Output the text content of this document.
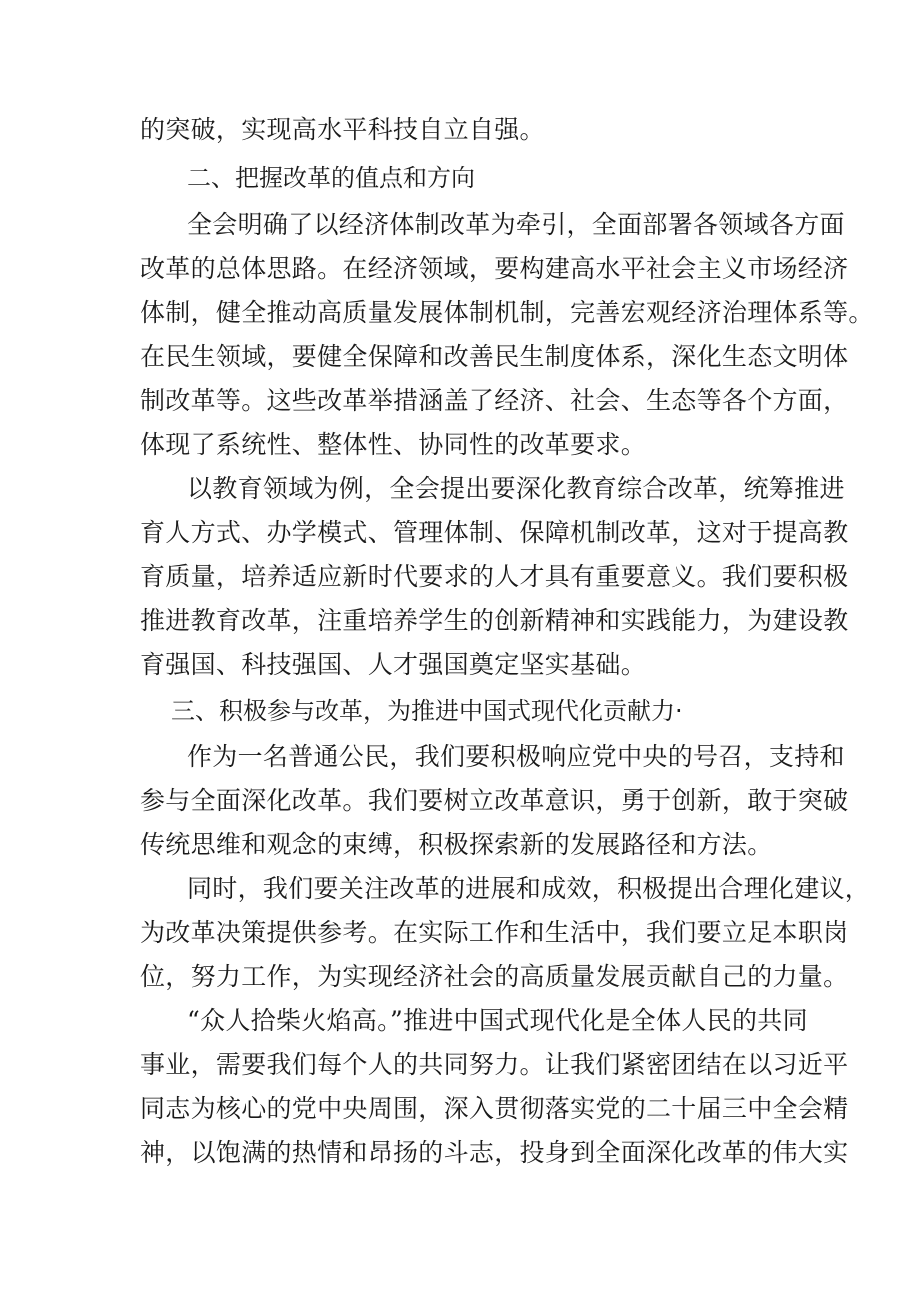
的突破，实现高水平科技自立自强。
二、把握改革的值点和方向
全会明确了以经济体制改革为牵引，全面部署各领域各方面
改革的总体思路。在经济领域，要构建高水平社会主义市场经济
体制，健全推动高质量发展体制机制，完善宏观经济治理体系等。
在民生领域，要健全保障和改善民生制度体系，深化生态文明体
制改革等。这些改革举措涵盖了经济、社会、生态等各个方面，
体现了系统性、整体性、协同性的改革要求。
以教育领域为例，全会提出要深化教育综合改革，统筹推进
育人方式、办学模式、管理体制、保障机制改革，这对于提高教
育质量，培养适应新时代要求的人才具有重要意义。我们要积极
推进教育改革，注重培养学生的创新精神和实践能力，为建设教
育强国、科技强国、人才强国奠定坚实基础。
三、积极参与改革，为推进中国式现代化贡献力·
作为一名普通公民，我们要积极响应党中央的号召，支持和
参与全面深化改革。我们要树立改革意识，勇于创新，敢于突破
传统思维和观念的束缚，积极探索新的发展路径和方法。
同时，我们要关注改革的进展和成效，积极提出合理化建议，
为改革决策提供参考。在实际工作和生活中，我们要立足本职岗
位，努力工作，为实现经济社会的高质量发展贡献自己的力量。
“众人拾柴火焰高。”推进中国式现代化是全体人民的共同
事业，需要我们每个人的共同努力。让我们紧密团结在以习近平
同志为核心的党中央周围，深入贯彻落实党的二十届三中全会精
神，以饱满的热情和昂扬的斗志，投身到全面深化改革的伟大实
